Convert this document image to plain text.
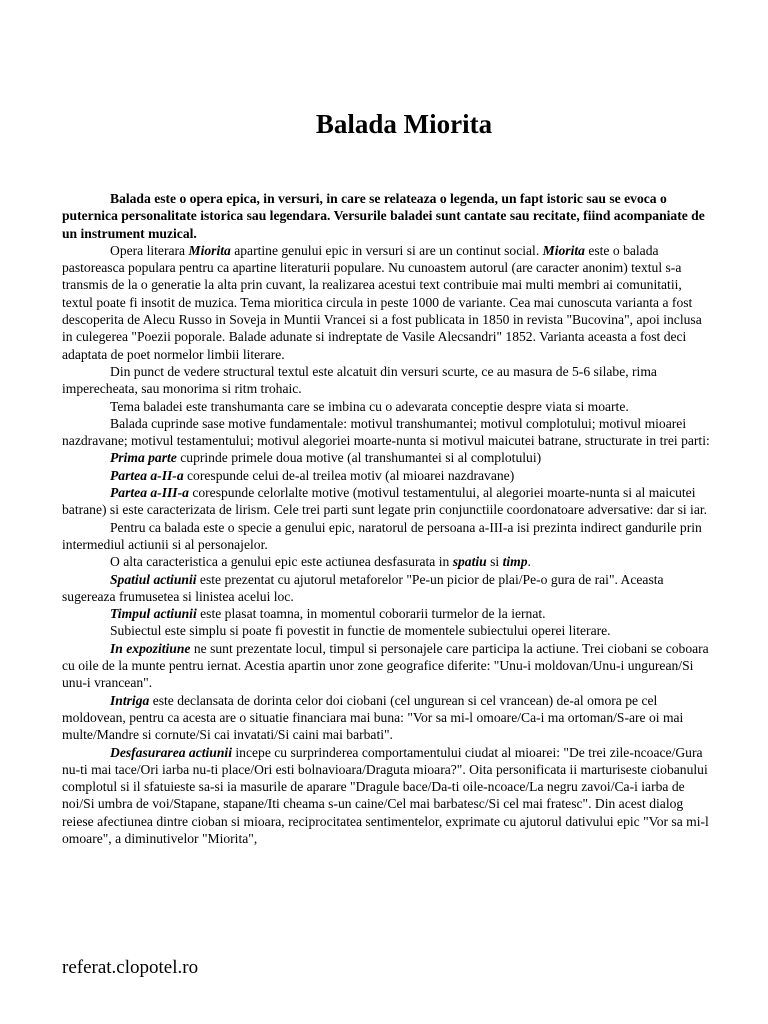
Balada Miorita

Balada este o opera epica, in versuri, in care se relateaza o legenda, un fapt istoric sau se evoca o puternica personalitate istorica sau legendara. Versurile baladei sunt cantate sau recitate, fiind acompaniate de un instrument muzical.

Opera literara Miorita apartine genului epic in versuri si are un continut social. Miorita este o balada pastoreasca populara pentru ca apartine literaturii populare. Nu cunoastem autorul (are caracter anonim) textul s-a transmis de la o generatie la alta prin cuvant, la realizarea acestui text contribuie mai multi membri ai comunitatii, textul poate fi insotit de muzica. Tema mioritica circula in peste 1000 de variante. Cea mai cunoscuta varianta a fost descoperita de Alecu Russo in Soveja in Muntii Vrancei si a fost publicata in 1850 in revista "Bucovina", apoi inclusa in culegerea "Poezii poporale. Balade adunate si indreptate de Vasile Alecsandri" 1852. Varianta aceasta a fost deci adaptata de poet normelor limbii literare.

Din punct de vedere structural textul este alcatuit din versuri scurte, ce au masura de 5-6 silabe, rima imperecheata, sau monorima si ritm trohaic.

Tema baladei este transhumanta care se imbina cu o adevarata conceptie despre viata si moarte.

Balada cuprinde sase motive fundamentale: motivul transhumantei; motivul complotului; motivul mioarei nazdravane; motivul testamentului; motivul alegoriei moarte-nunta si motivul maicutei batrane, structurate in trei parti:

Prima parte cuprinde primele doua motive (al transhumantei si al complotului)

Partea a-II-a corespunde celui de-al treilea motiv (al mioarei nazdravane)

Partea a-III-a corespunde celorlalte motive (motivul testamentului, al alegoriei moarte-nunta si al maicutei batrane) si este caracterizata de lirism. Cele trei parti sunt legate prin conjunctiile coordonatoare adversative: dar si iar.

Pentru ca balada este o specie a genului epic, naratorul de persoana a-III-a isi prezinta indirect gandurile prin intermediul actiunii si al personajelor.

O alta caracteristica a genului epic este actiunea desfasurata in spatiu si timp.

Spatiul actiunii este prezentat cu ajutorul metaforelor "Pe-un picior de plai/Pe-o gura de rai". Aceasta sugereaza frumusetea si linistea acelui loc.

Timpul actiunii este plasat toamna, in momentul coborarii turmelor de la iernat.

Subiectul este simplu si poate fi povestit in functie de momentele subiectului operei literare.

In expozitiune ne sunt prezentate locul, timpul si personajele care participa la actiune. Trei ciobani se coboara cu oile de la munte pentru iernat. Acestia apartin unor zone geografice diferite: "Unu-i moldovan/Unu-i ungurean/Si unu-i vrancean".

Intriga este declansata de dorinta celor doi ciobani (cel ungurean si cel vrancean) de-al omora pe cel moldovean, pentru ca acesta are o situatie financiara mai buna: "Vor sa mi-l omoare/Ca-i ma ortoman/S-are oi mai multe/Mandre si cornute/Si cai invatati/Si caini mai barbati".

Desfasurarea actiunii incepe cu surprinderea comportamentului ciudat al mioarei: "De trei zile-ncoace/Gura nu-ti mai tace/Ori iarba nu-ti place/Ori esti bolnavioara/Draguta mioara?". Oita personificata ii marturiseste ciobanului complotul si il sfatuieste sa-si ia masurile de aparare "Dragule bace/Da-ti oile-ncoace/La negru zavoi/Ca-i iarba de noi/Si umbra de voi/Stapane, stapane/Iti cheama s-un caine/Cel mai barbatesc/Si cel mai fratesc". Din acest dialog reiese afectiunea dintre cioban si mioara, reciprocitatea sentimentelor, exprimate cu ajutorul dativului epic "Vor sa mi-l omoare", a diminutivelor "Miorita",

referat.clopotel.ro
